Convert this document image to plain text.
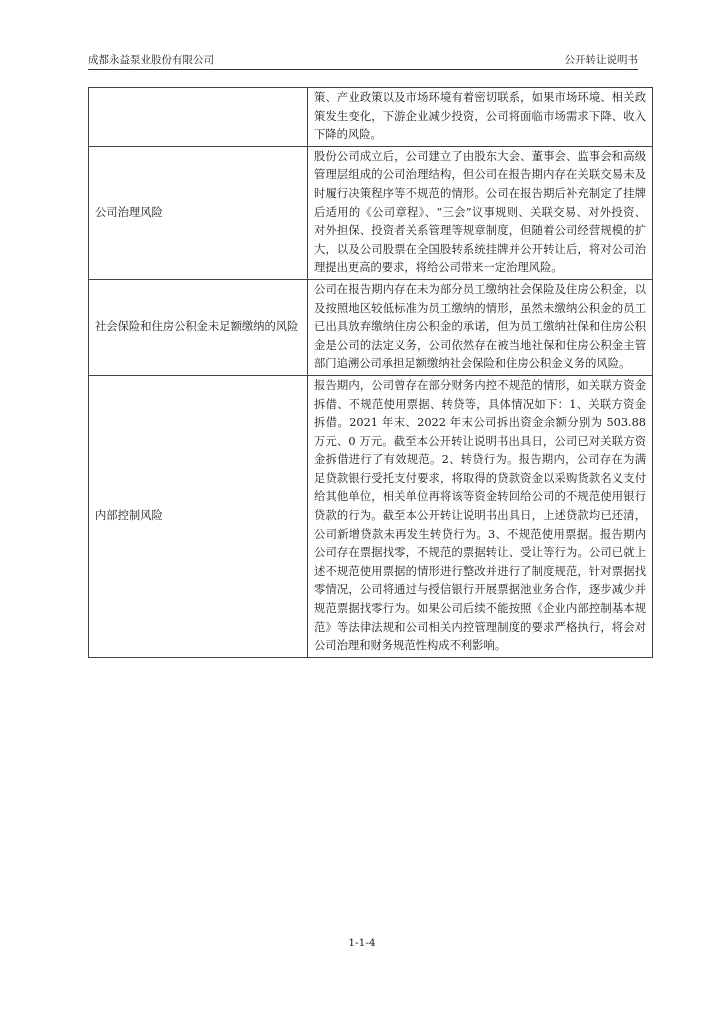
成都永益泵业股份有限公司	公开转让说明书
	策、产业政策以及市场环境有着密切联系，如果市场环境、相关政策发生变化，下游企业减少投资，公司将面临市场需求下降、收入下降的风险。
公司治理风险	股份公司成立后，公司建立了由股东大会、董事会、监事会和高级管理层组成的公司治理结构，但公司在报告期内存在关联交易未及时履行决策程序等不规范的情形。公司在报告期后补充制定了挂牌后适用的《公司章程》、“三会”议事规则、关联交易、对外投资、对外担保、投资者关系管理等规章制度，但随着公司经营规模的扩大，以及公司股票在全国股转系统挂牌并公开转让后，将对公司治理提出更高的要求，将给公司带来一定治理风险。
社会保险和住房公积金未足额缴纳的风险	公司在报告期内存在未为部分员工缴纳社会保险及住房公积金，以及按照地区较低标准为员工缴纳的情形，虽然未缴纳公积金的员工已出具放弃缴纳住房公积金的承诺，但为员工缴纳社保和住房公积金是公司的法定义务，公司依然存在被当地社保和住房公积金主管部门追溯公司承担足额缴纳社会保险和住房公积金义务的风险。
内部控制风险	报告期内，公司曾存在部分财务内控不规范的情形，如关联方资金拆借、不规范使用票据、转贷等，具体情况如下：1、关联方资金拆借。2021 年末、2022 年末公司拆出资金余额分别为 503.88 万元、0 万元。截至本公开转让说明书出具日，公司已对关联方资金拆借进行了有效规范。2、转贷行为。报告期内，公司存在为满足贷款银行受托支付要求，将取得的贷款资金以采购货款名义支付给其他单位，相关单位再将该等资金转回给公司的不规范使用银行贷款的行为。截至本公开转让说明书出具日，上述贷款均已还清，公司新增贷款未再发生转贷行为。3、不规范使用票据。报告期内公司存在票据找零，不规范的票据转让、受让等行为。公司已就上述不规范使用票据的情形进行整改并进行了制度规范，针对票据找零情况，公司将通过与授信银行开展票据池业务合作，逐步减少并规范票据找零行为。如果公司后续不能按照《企业内部控制基本规范》等法律法规和公司相关内控管理制度的要求严格执行，将会对公司治理和财务规范性构成不利影响。
1-1-4
